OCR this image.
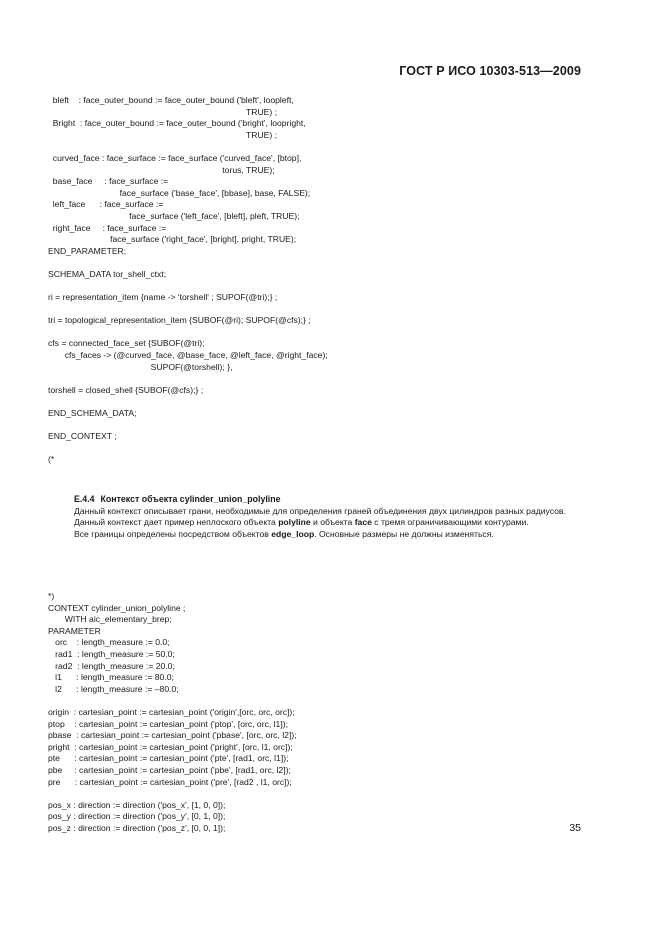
ГОСТ Р ИСО 10303-513—2009
bleft    : face_outer_bound := face_outer_bound ('bleft', loopleft,
TRUE) ;
Bright  : face_outer_bound := face_outer_bound ('bright', loopright,
TRUE) ;

curved_face : face_surface := face_surface ('curved_face', [btop],
torus, TRUE);
base_face     : face_surface :=
face_surface ('base_face', [bbase], base, FALSE);
left_face      : face_surface :=
face_surface ('left_face', [bleft], pleft, TRUE);
right_face     : face_surface :=
face_surface ('right_face', [bright], pright, TRUE);
END_PARAMETER;

SCHEMA_DATA tor_shell_ctxt;

ri = representation_item {name -> 'torshell' ; SUPOF(@tri);} ;

tri = topological_representation_item {SUBOF(@ri); SUPOF(@cfs);} ;

cfs = connected_face_set {SUBOF(@tri);
cfs_faces -> (@curved_face, @base_face, @left_face, @right_face);
SUPOF(@torshell); },

torshell = closed_shell {SUBOF(@cfs);} ;

END_SCHEMA_DATA;

END_CONTEXT ;

(*

E.4.4 Контекст объекта cylinder_union_polyline

Данный контекст описывает грани, необходимые для определения граней объединения двух цилиндров разных радиусов.

Данный контекст дает пример неплоского объекта polyline и объекта face с тремя ограничивающими контурами.

Все границы определены посредством объектов edge_loop. Основные размеры не должны изменяться.

*)
CONTEXT cylinder_union_polyline ;
WITH aic_elementary_brep;
PARAMETER
orc    : length_measure := 0.0;
rad1  : length_measure := 50.0;
rad2  : length_measure := 20.0;
l1      : length_measure := 80.0;
l2      : length_measure := –80.0;

origin  : cartesian_point := cartesian_point ('origin',[orc, orc, orc]);
ptop    : cartesian_point := cartesian_point ('ptop', [orc, orc, l1]);
pbase  : cartesian_point := cartesian_point ('pbase', [orc, orc, l2]);
pright  : cartesian_point := cartesian_point ('pright', [orc, l1, orc]);
pte      : cartesian_point := cartesian_point ('pte', [rad1, orc, l1]);
pbe     : cartesian_point := cartesian_point ('pbe', [rad1, orc, l2]);
pre      : cartesian_point := cartesian_point ('pre', [rad2 , l1, orc]);

pos_x : direction := direction ('pos_x', [1, 0, 0]);
pos_y : direction := direction ('pos_y', [0, 1, 0]);
pos_z : direction := direction ('pos_z', [0, 0, 1]);	35
